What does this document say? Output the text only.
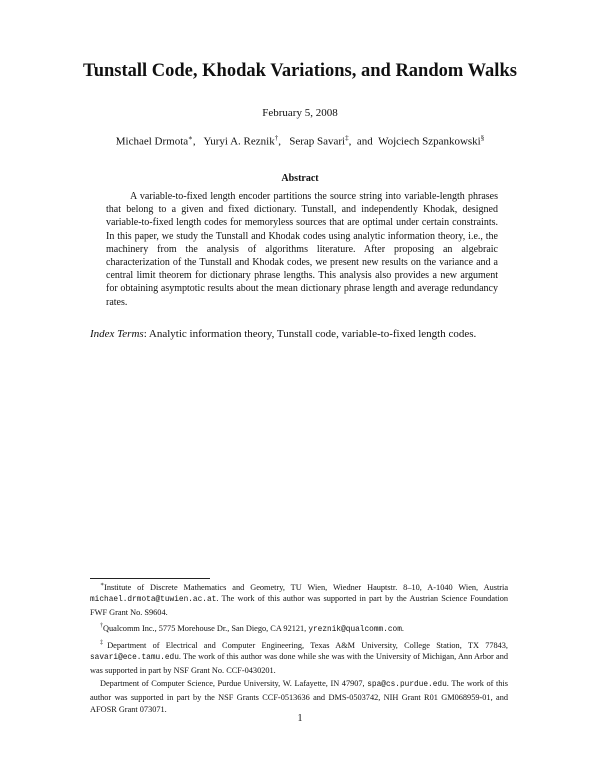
Tunstall Code, Khodak Variations, and Random Walks
February 5, 2008
Michael Drmota∗, Yuryi A. Reznik†, Serap Savari‡, and Wojciech Szpankowski§
Abstract

A variable-to-fixed length encoder partitions the source string into variable-length phrases that belong to a given and fixed dictionary. Tunstall, and independently Khodak, designed variable-to-fixed length codes for memoryless sources that are optimal under certain constraints. In this paper, we study the Tunstall and Khodak codes using analytic information theory, i.e., the machinery from the analysis of algorithms literature. After proposing an algebraic characterization of the Tunstall and Khodak codes, we present new results on the variance and a central limit theorem for dictionary phrase lengths. This analysis also provides a new argument for obtaining asymptotic results about the mean dictionary phrase length and average redundancy rates.

Index Terms: Analytic information theory, Tunstall code, variable-to-fixed length codes.

∗Institute of Discrete Mathematics and Geometry, TU Wien, Wiedner Hauptstr. 8–10, A-1040 Wien, Austria michael.drmota@tuwien.ac.at. The work of this author was supported in part by the Austrian Science Foundation FWF Grant No. S9604.

†Qualcomm Inc., 5775 Morehouse Dr., San Diego, CA 92121, yreznik@qualcomm.com.

‡Department of Electrical and Computer Engineering, Texas A&M University, College Station, TX 77843, savari@ece.tamu.edu. The work of this author was done while she was with the University of Michigan, Ann Arbor and was supported in part by NSF Grant No. CCF-0430201.

Department of Computer Science, Purdue University, W. Lafayette, IN 47907, spa@cs.purdue.edu. The work of this author was supported in part by the NSF Grants CCF-0513636 and DMS-0503742, NIH Grant R01 GM068959-01, and AFOSR Grant 073071.

1
